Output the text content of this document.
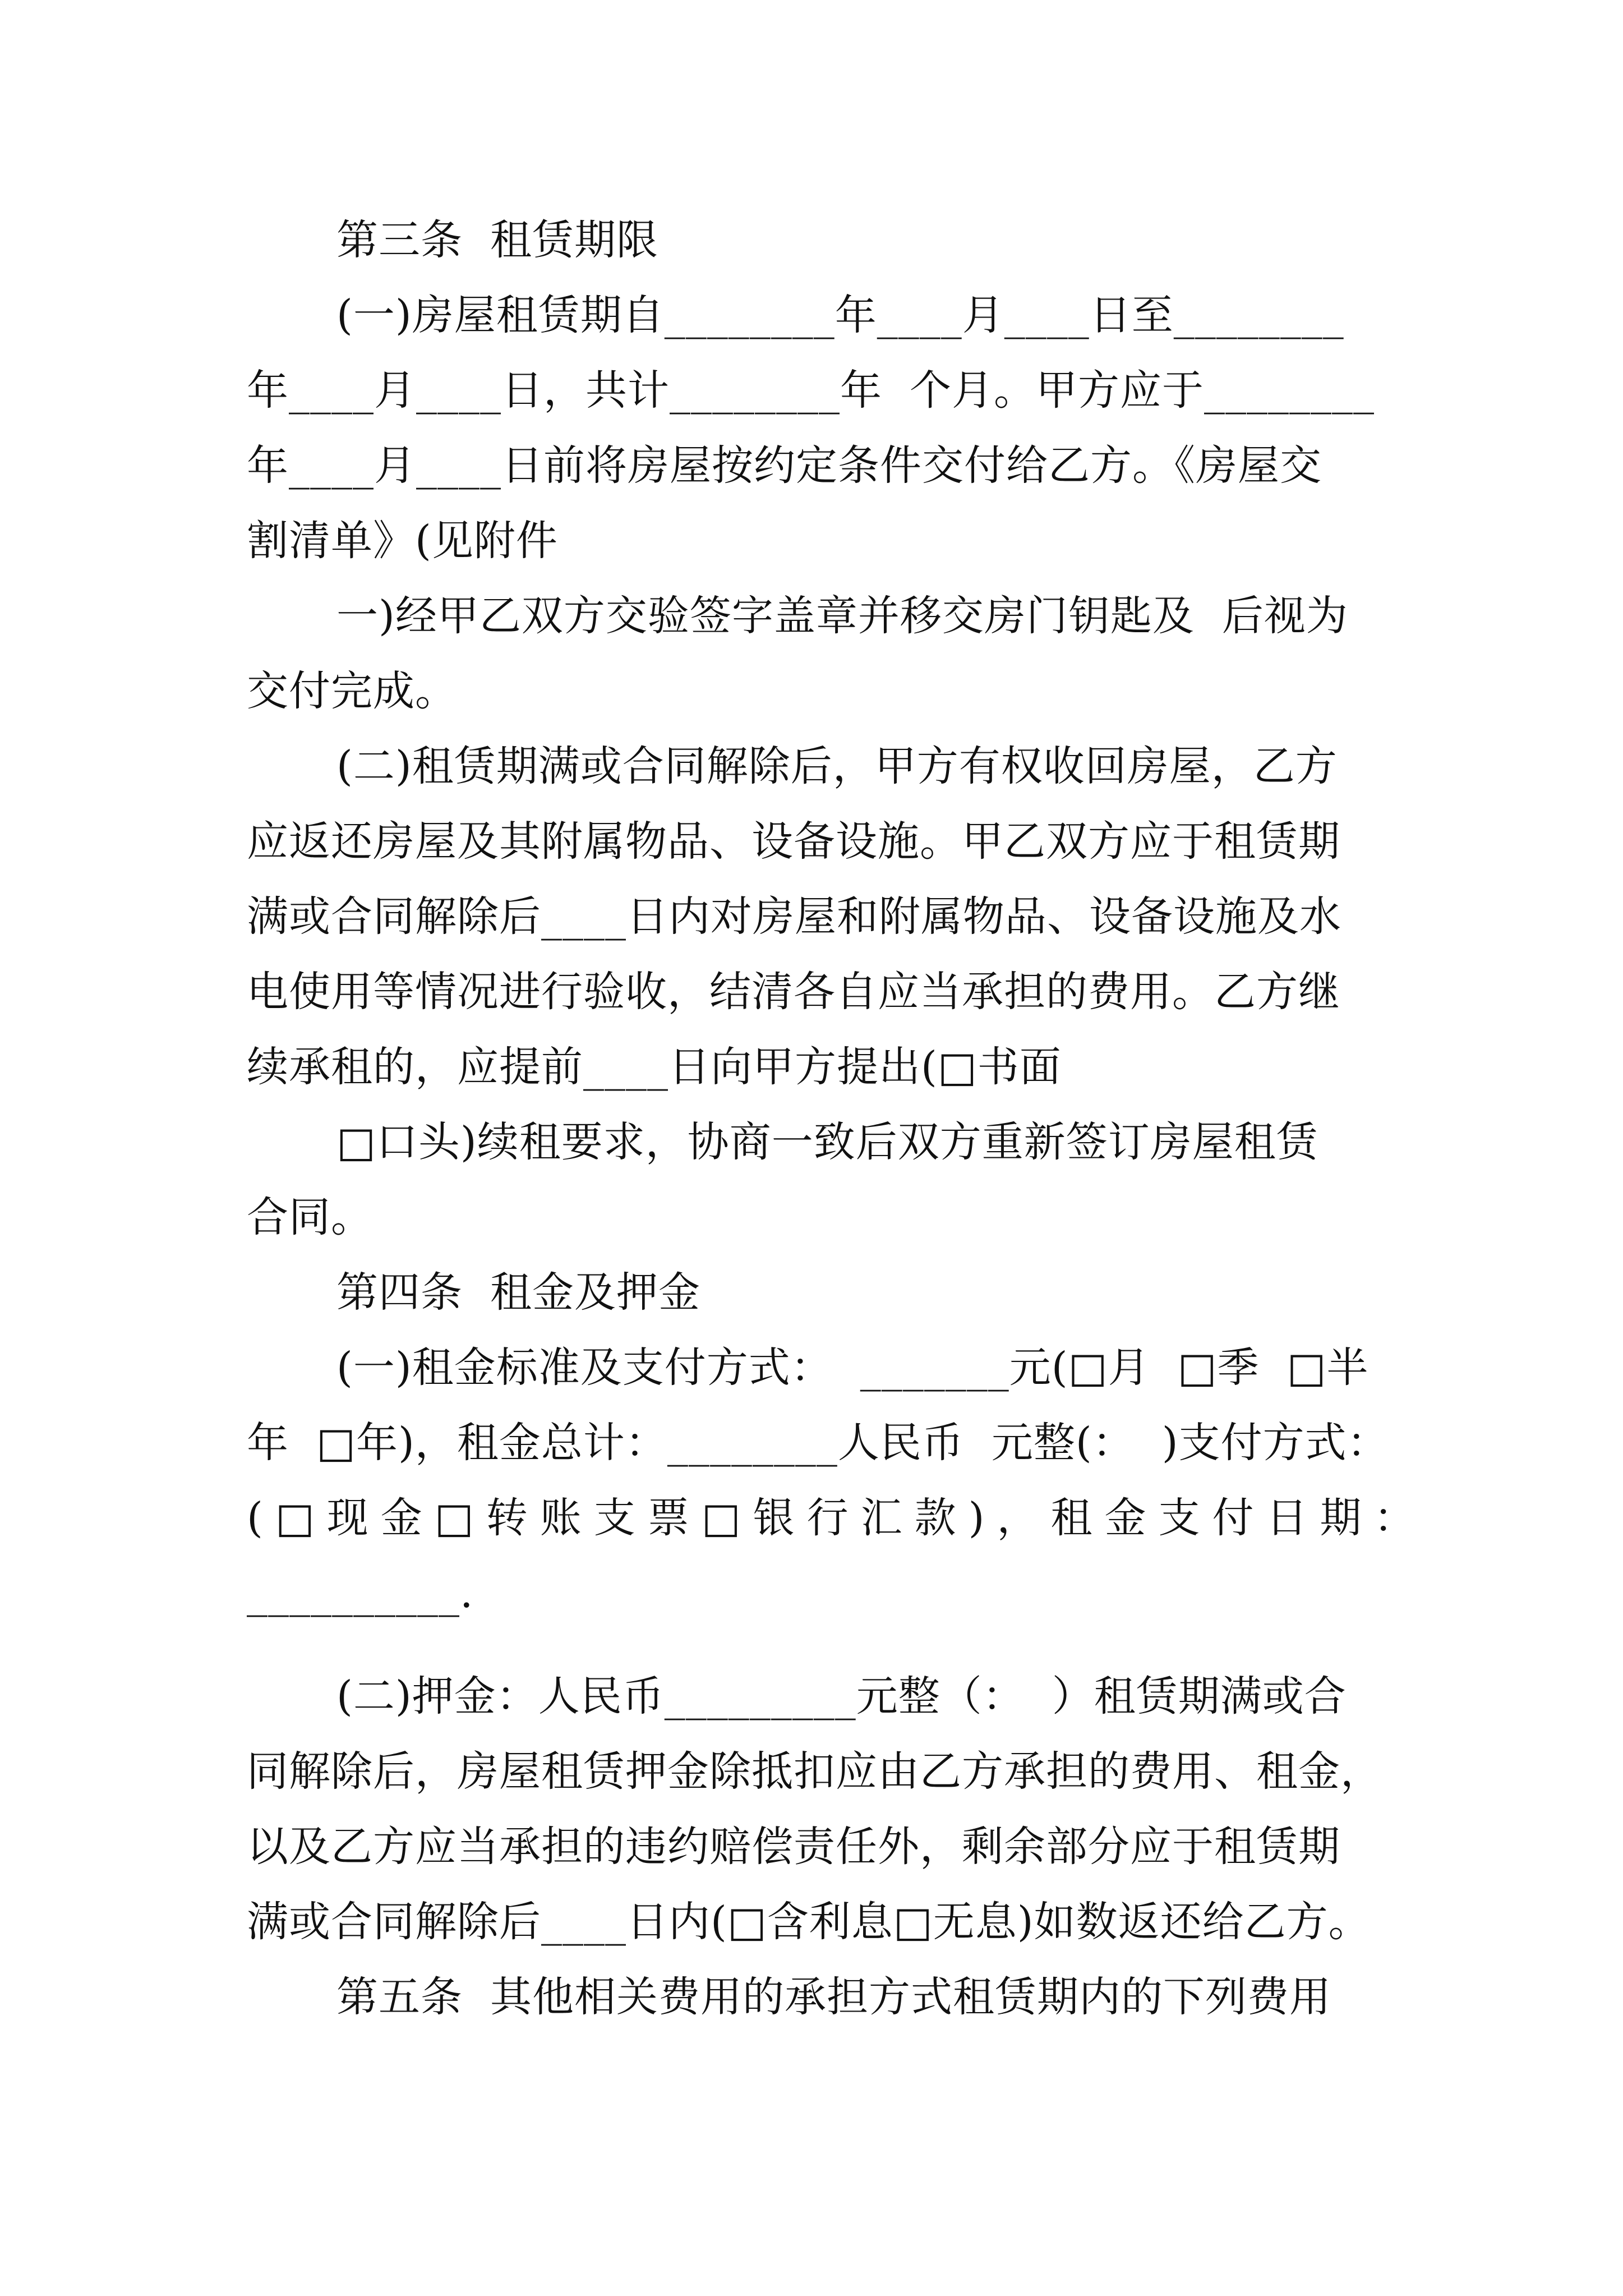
第三条  租赁期限
(一)房屋租赁期自________年____月____日至________
年____月____日，共计________年  个月。甲方应于________
年____月____日前将房屋按约定条件交付给乙方。《房屋交
割清单》(见附件
一)经甲乙双方交验签字盖章并移交房门钥匙及  后视为
交付完成。
(二)租赁期满或合同解除后，甲方有权收回房屋，乙方
应返还房屋及其附属物品、设备设施。甲乙双方应于租赁期
满或合同解除后____日内对房屋和附属物品、设备设施及水
电使用等情况进行验收，结清各自应当承担的费用。乙方继
续承租的，应提前____日向甲方提出(□书面
□口头)续租要求，协商一致后双方重新签订房屋租赁
合同。
第四条  租金及押金
(一)租金标准及支付方式：  _______元(□月  □季  □半
年  □年)，租金总计：________人民币  元整(：  )支付方式：
(□现金□转账支票□银行汇款)，租金支付日期：
__________.
(二)押金：人民币_________元整（：  ）租赁期满或合
同解除后，房屋租赁押金除抵扣应由乙方承担的费用、租金，
以及乙方应当承担的违约赔偿责任外，剩余部分应于租赁期
满或合同解除后____日内(□含利息□无息)如数返还给乙方。
第五条  其他相关费用的承担方式租赁期内的下列费用
